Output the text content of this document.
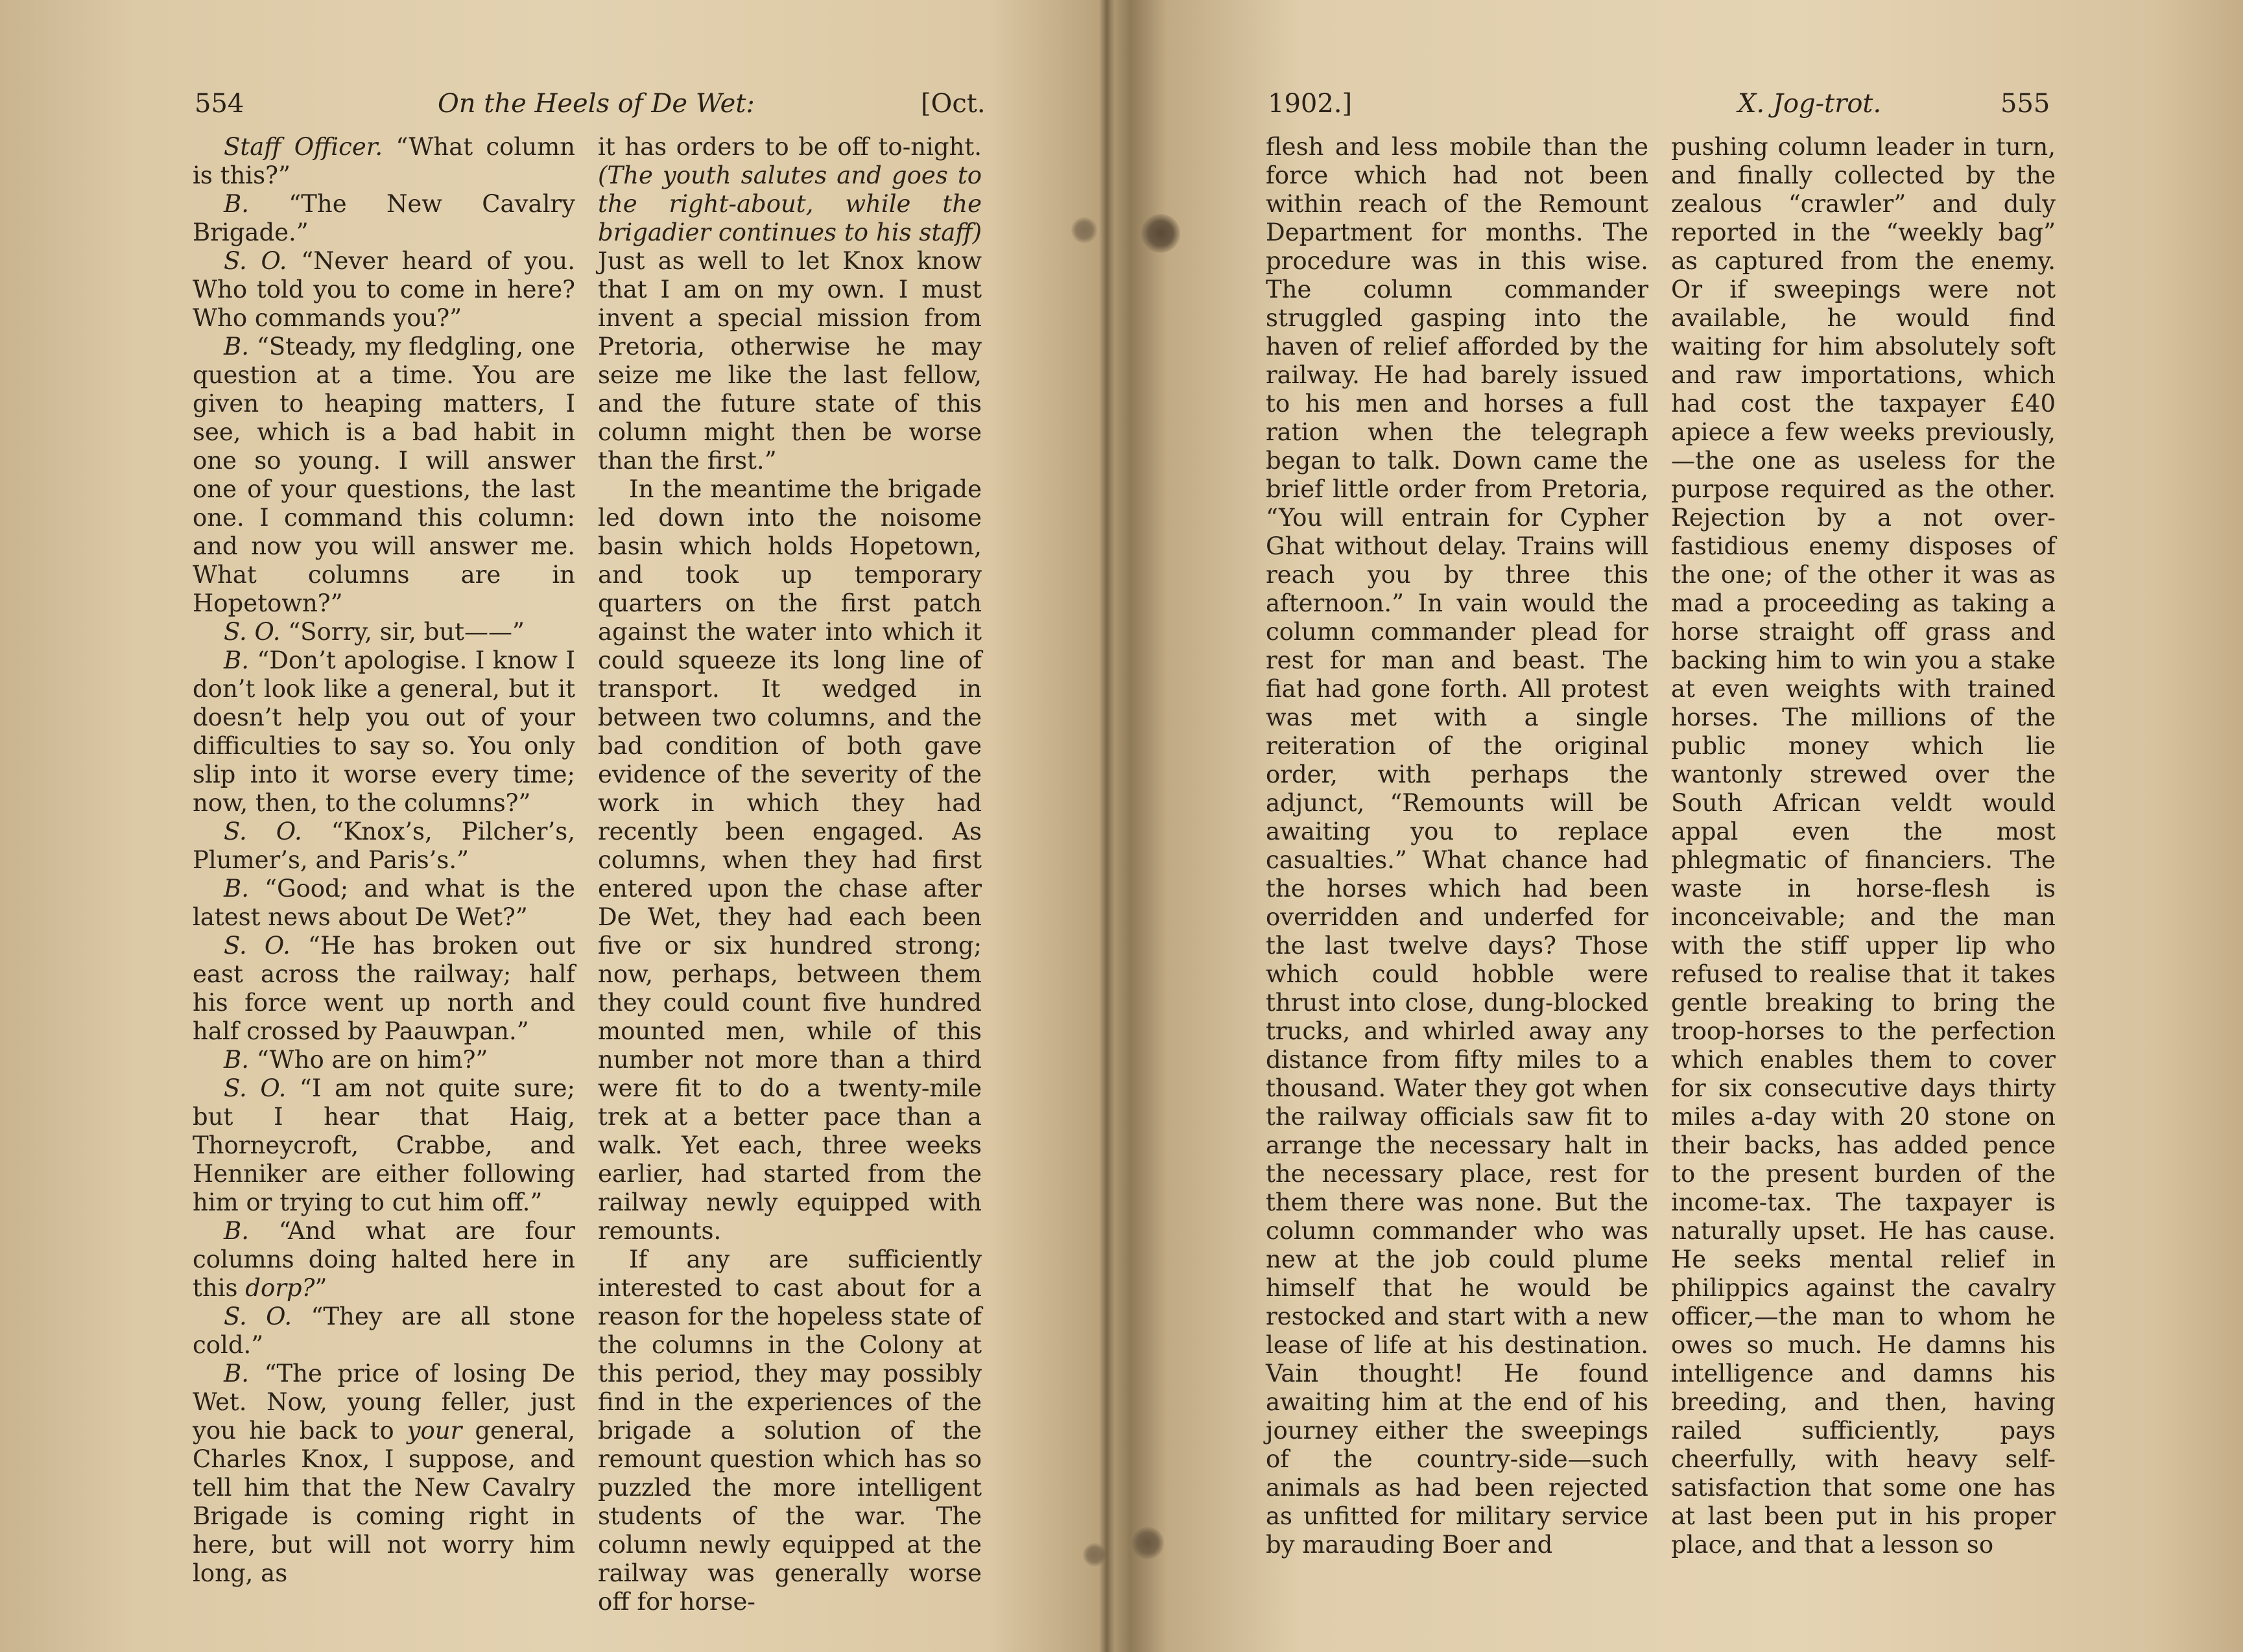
554	On the Heels of De Wet:	[Oct.

Staff Officer. “What column is this?”

B. “The New Cavalry Brigade.”

S. O. “Never heard of you. Who told you to come in here? Who commands you?”

B. “Steady, my fledgling, one question at a time. You are given to heaping matters, I see, which is a bad habit in one so young. I will answer one of your questions, the last one. I command this column: and now you will answer me. What columns are in Hopetown?”

S. O. “Sorry, sir, but——”

B. “Don’t apologise. I know I don’t look like a general, but it doesn’t help you out of your difficulties to say so. You only slip into it worse every time; now, then, to the columns?”

S. O. “Knox’s, Pilcher’s, Plumer’s, and Paris’s.”

B. “Good; and what is the latest news about De Wet?”

S. O. “He has broken out east across the railway; half his force went up north and half crossed by Paauwpan.”

B. “Who are on him?”

S. O. “I am not quite sure; but I hear that Haig, Thorneycroft, Crabbe, and Henniker are either following him or trying to cut him off.”

B. “And what are four columns doing halted here in this dorp?”

S. O. “They are all stone cold.”

B. “The price of losing De Wet. Now, young feller, just you hie back to your general, Charles Knox, I suppose, and tell him that the New Cavalry Brigade is coming right in here, but will not worry him long, as

it has orders to be off to-night. (The youth salutes and goes to the right-about, while the brigadier continues to his staff) Just as well to let Knox know that I am on my own. I must invent a special mission from Pretoria, otherwise he may seize me like the last fellow, and the future state of this column might then be worse than the first.”

In the meantime the brigade led down into the noisome basin which holds Hopetown, and took up temporary quarters on the first patch against the water into which it could squeeze its long line of transport. It wedged in between two columns, and the bad condition of both gave evidence of the severity of the work in which they had recently been engaged. As columns, when they had first entered upon the chase after De Wet, they had each been five or six hundred strong; now, perhaps, between them they could count five hundred mounted men, while of this number not more than a third were fit to do a twenty-mile trek at a better pace than a walk. Yet each, three weeks earlier, had started from the railway newly equipped with remounts.

If any are sufficiently interested to cast about for a reason for the hopeless state of the columns in the Colony at this period, they may possibly find in the experiences of the brigade a solution of the remount question which has so puzzled the more intelligent students of the war. The column newly equipped at the railway was generally worse off for horse-

1902.]	X. Jog-trot.	555

flesh and less mobile than the force which had not been within reach of the Remount Department for months. The procedure was in this wise. The column commander struggled gasping into the haven of relief afforded by the railway. He had barely issued to his men and horses a full ration when the telegraph began to talk. Down came the brief little order from Pretoria, “You will entrain for Cypher Ghat without delay. Trains will reach you by three this afternoon.” In vain would the column commander plead for rest for man and beast. The fiat had gone forth. All protest was met with a single reiteration of the original order, with perhaps the adjunct, “Remounts will be awaiting you to replace casualties.” What chance had the horses which had been overridden and underfed for the last twelve days? Those which could hobble were thrust into close, dung-blocked trucks, and whirled away any distance from fifty miles to a thousand. Water they got when the railway officials saw fit to arrange the necessary halt in the necessary place, rest for them there was none. But the column commander who was new at the job could plume himself that he would be restocked and start with a new lease of life at his destination. Vain thought! He found awaiting him at the end of his journey either the sweepings of the country-side—such animals as had been rejected as unfitted for military service by marauding Boer and

pushing column leader in turn, and finally collected by the zealous “crawler” and duly reported in the “weekly bag” as captured from the enemy. Or if sweepings were not available, he would find waiting for him absolutely soft and raw importations, which had cost the taxpayer £40 apiece a few weeks previously,—the one as useless for the purpose required as the other. Rejection by a not over-fastidious enemy disposes of the one; of the other it was as mad a proceeding as taking a horse straight off grass and backing him to win you a stake at even weights with trained horses. The millions of the public money which lie wantonly strewed over the South African veldt would appal even the most phlegmatic of financiers. The waste in horse-flesh is inconceivable; and the man with the stiff upper lip who refused to realise that it takes gentle breaking to bring the troop-horses to the perfection which enables them to cover for six consecutive days thirty miles a-day with 20 stone on their backs, has added pence to the present burden of the income-tax. The taxpayer is naturally upset. He has cause. He seeks mental relief in philippics against the cavalry officer,—the man to whom he owes so much. He damns his intelligence and damns his breeding, and then, having railed sufficiently, pays cheerfully, with heavy self-satisfaction that some one has at last been put in his proper place, and that a lesson so
